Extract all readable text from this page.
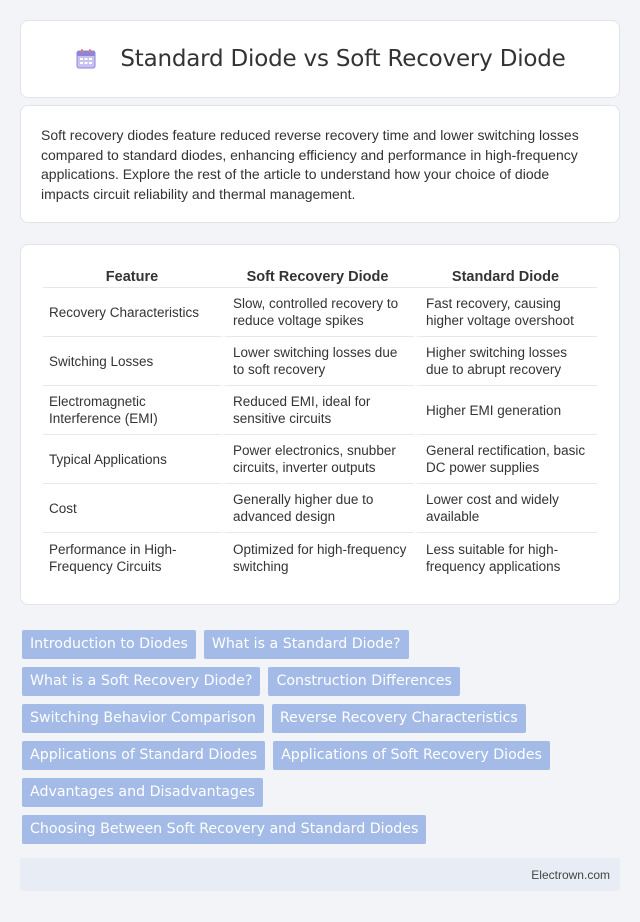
Standard Diode vs Soft Recovery Diode

Soft recovery diodes feature reduced reverse recovery time and lower switching losses compared to standard diodes, enhancing efficiency and performance in high-frequency applications. Explore the rest of the article to understand how your choice of diode impacts circuit reliability and thermal management.

Feature	Soft Recovery Diode	Standard Diode
Recovery Characteristics	Slow, controlled recovery to reduce voltage spikes	Fast recovery, causing higher voltage overshoot
Switching Losses	Lower switching losses due to soft recovery	Higher switching losses due to abrupt recovery
Electromagnetic Interference (EMI)	Reduced EMI, ideal for sensitive circuits	Higher EMI generation
Typical Applications	Power electronics, snubber circuits, inverter outputs	General rectification, basic DC power supplies
Cost	Generally higher due to advanced design	Lower cost and widely available
Performance in High-Frequency Circuits	Optimized for high-frequency switching	Less suitable for high-frequency applications
Introduction to Diodes	What is a Standard Diode?
What is a Soft Recovery Diode?	Construction Differences
Switching Behavior Comparison	Reverse Recovery Characteristics
Applications of Standard Diodes	Applications of Soft Recovery Diodes
Advantages and Disadvantages
Choosing Between Soft Recovery and Standard Diodes
Electrown.com
